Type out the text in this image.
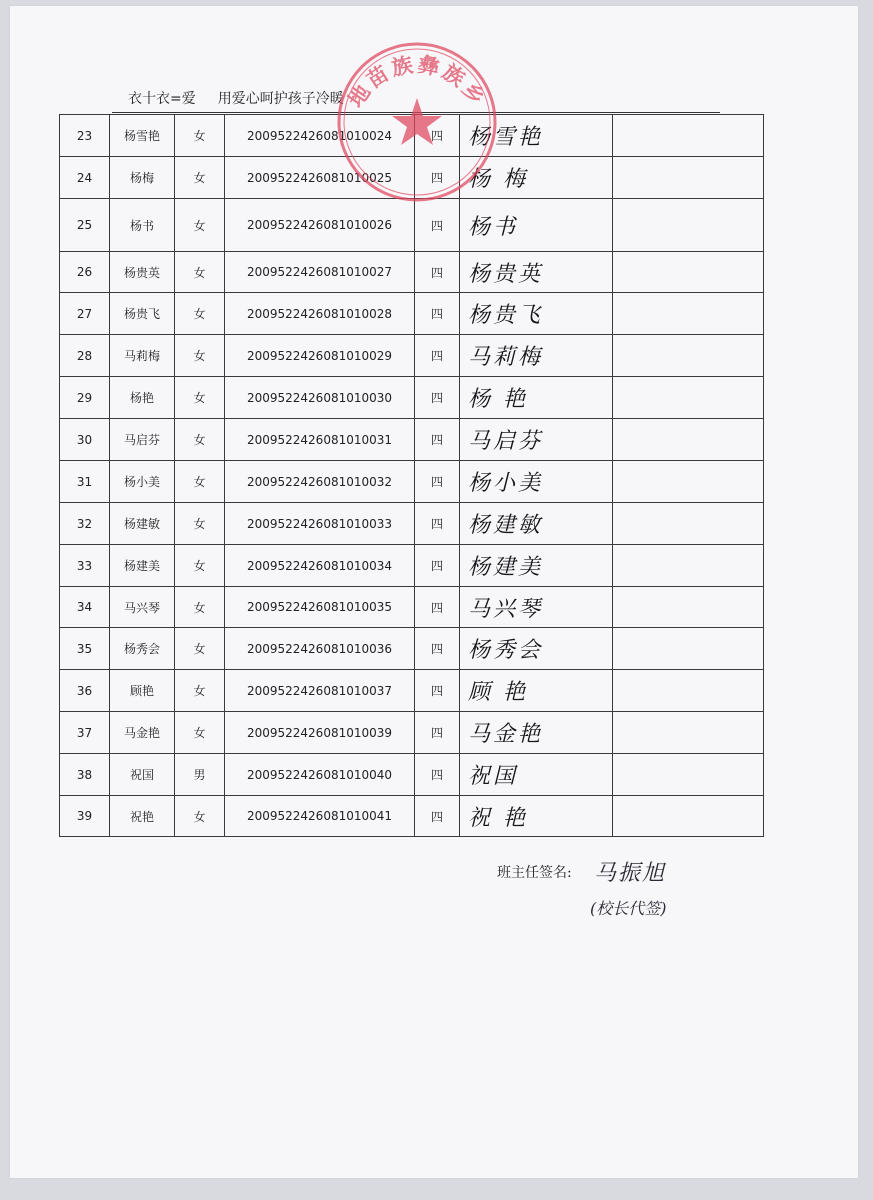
衣十衣=爱 用爱心呵护孩子冷暖
23	杨雪艳	女	2009522426081010024	四	杨雪艳	
24	杨梅	女	2009522426081010025	四	杨 梅	
25	杨书	女	2009522426081010026	四	杨书	
26	杨贵英	女	2009522426081010027	四	杨贵英	
27	杨贵飞	女	2009522426081010028	四	杨贵飞	
28	马莉梅	女	2009522426081010029	四	马莉梅	
29	杨艳	女	2009522426081010030	四	杨 艳	
30	马启芬	女	2009522426081010031	四	马启芬	
31	杨小美	女	2009522426081010032	四	杨小美	
32	杨建敏	女	2009522426081010033	四	杨建敏	
33	杨建美	女	2009522426081010034	四	杨建美	
34	马兴琴	女	2009522426081010035	四	马兴琴	
35	杨秀会	女	2009522426081010036	四	杨秀会	
36	顾艳	女	2009522426081010037	四	顾 艳	
37	马金艳	女	2009522426081010039	四	马金艳	
38	祝国	男	2009522426081010040	四	祝国	
39	祝艳	女	2009522426081010041	四	祝 艳	
地苗族彝族乡
班主任签名: 马振旭
(校长代签)
